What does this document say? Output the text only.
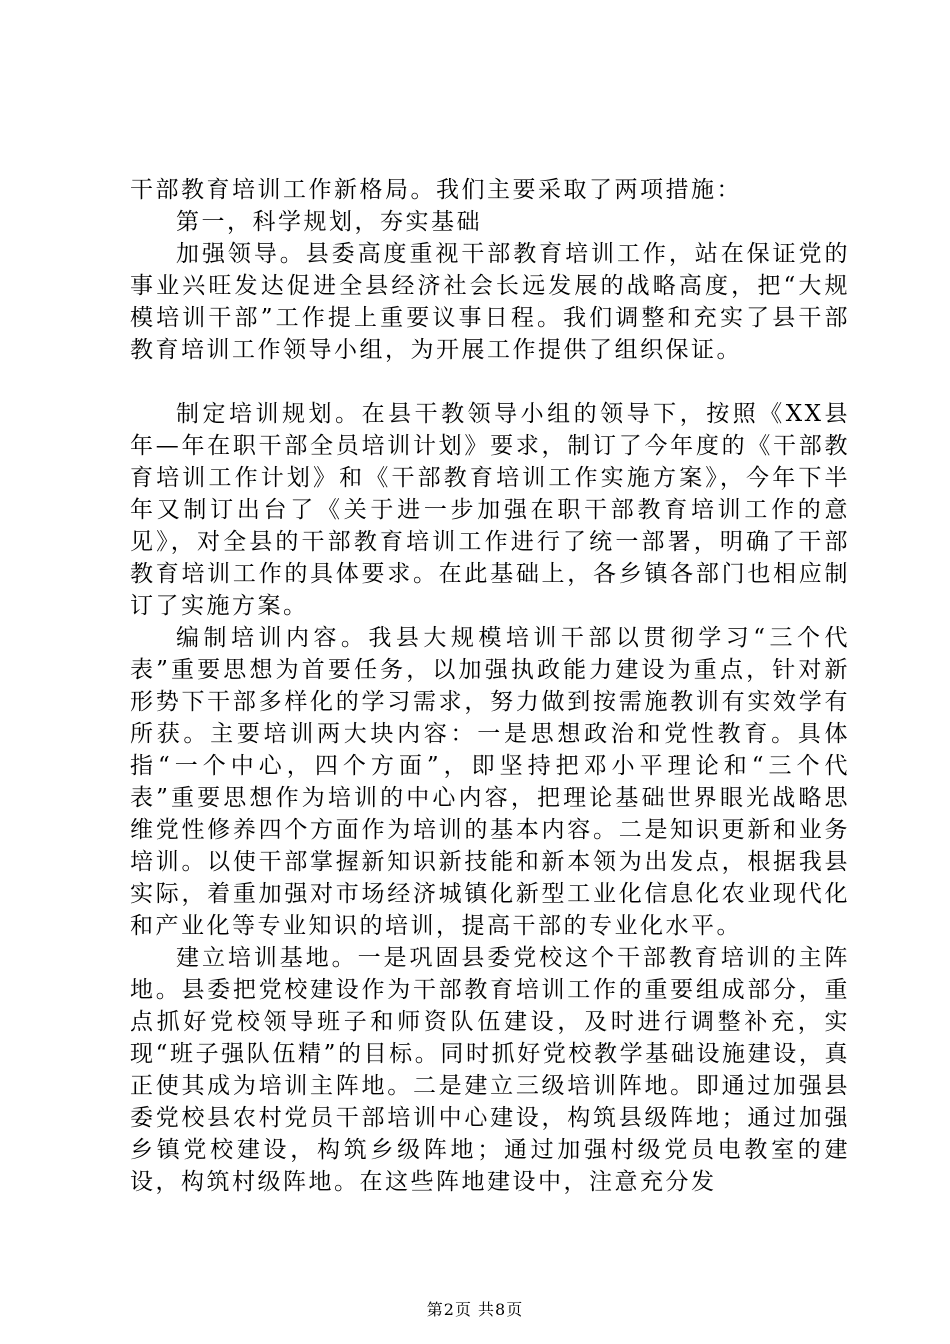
干部教育培训工作新格局。我们主要采取了两项措施：

第一，科学规划，夯实基础

加强领导。县委高度重视干部教育培训工作，站在保证党的事业兴旺发达促进全县经济社会长远发展的战略高度，把“大规模培训干部”工作提上重要议事日程。我们调整和充实了县干部教育培训工作领导小组，为开展工作提供了组织保证。

制定培训规划。在县干教领导小组的领导下，按照《XX县年—年在职干部全员培训计划》要求，制订了今年度的《干部教育培训工作计划》和《干部教育培训工作实施方案》，今年下半年又制订出台了《关于进一步加强在职干部教育培训工作的意见》，对全县的干部教育培训工作进行了统一部署，明确了干部教育培训工作的具体要求。在此基础上，各乡镇各部门也相应制订了实施方案。

编制培训内容。我县大规模培训干部以贯彻学习“三个代表”重要思想为首要任务，以加强执政能力建设为重点，针对新形势下干部多样化的学习需求，努力做到按需施教训有实效学有所获。主要培训两大块内容：一是思想政治和党性教育。具体指“一个中心，四个方面”，即坚持把邓小平理论和“三个代表”重要思想作为培训的中心内容，把理论基础世界眼光战略思维党性修养四个方面作为培训的基本内容。二是知识更新和业务培训。以使干部掌握新知识新技能和新本领为出发点，根据我县实际，着重加强对市场经济城镇化新型工业化信息化农业现代化和产业化等专业知识的培训，提高干部的专业化水平。

建立培训基地。一是巩固县委党校这个干部教育培训的主阵地。县委把党校建设作为干部教育培训工作的重要组成部分，重点抓好党校领导班子和师资队伍建设，及时进行调整补充，实现“班子强队伍精”的目标。同时抓好党校教学基础设施建设，真正使其成为培训主阵地。二是建立三级培训阵地。即通过加强县委党校县农村党员干部培训中心建设，构筑县级阵地；通过加强乡镇党校建设，构筑乡级阵地；通过加强村级党员电教室的建设，构筑村级阵地。在这些阵地建设中，注意充分发

第2页 共8页
